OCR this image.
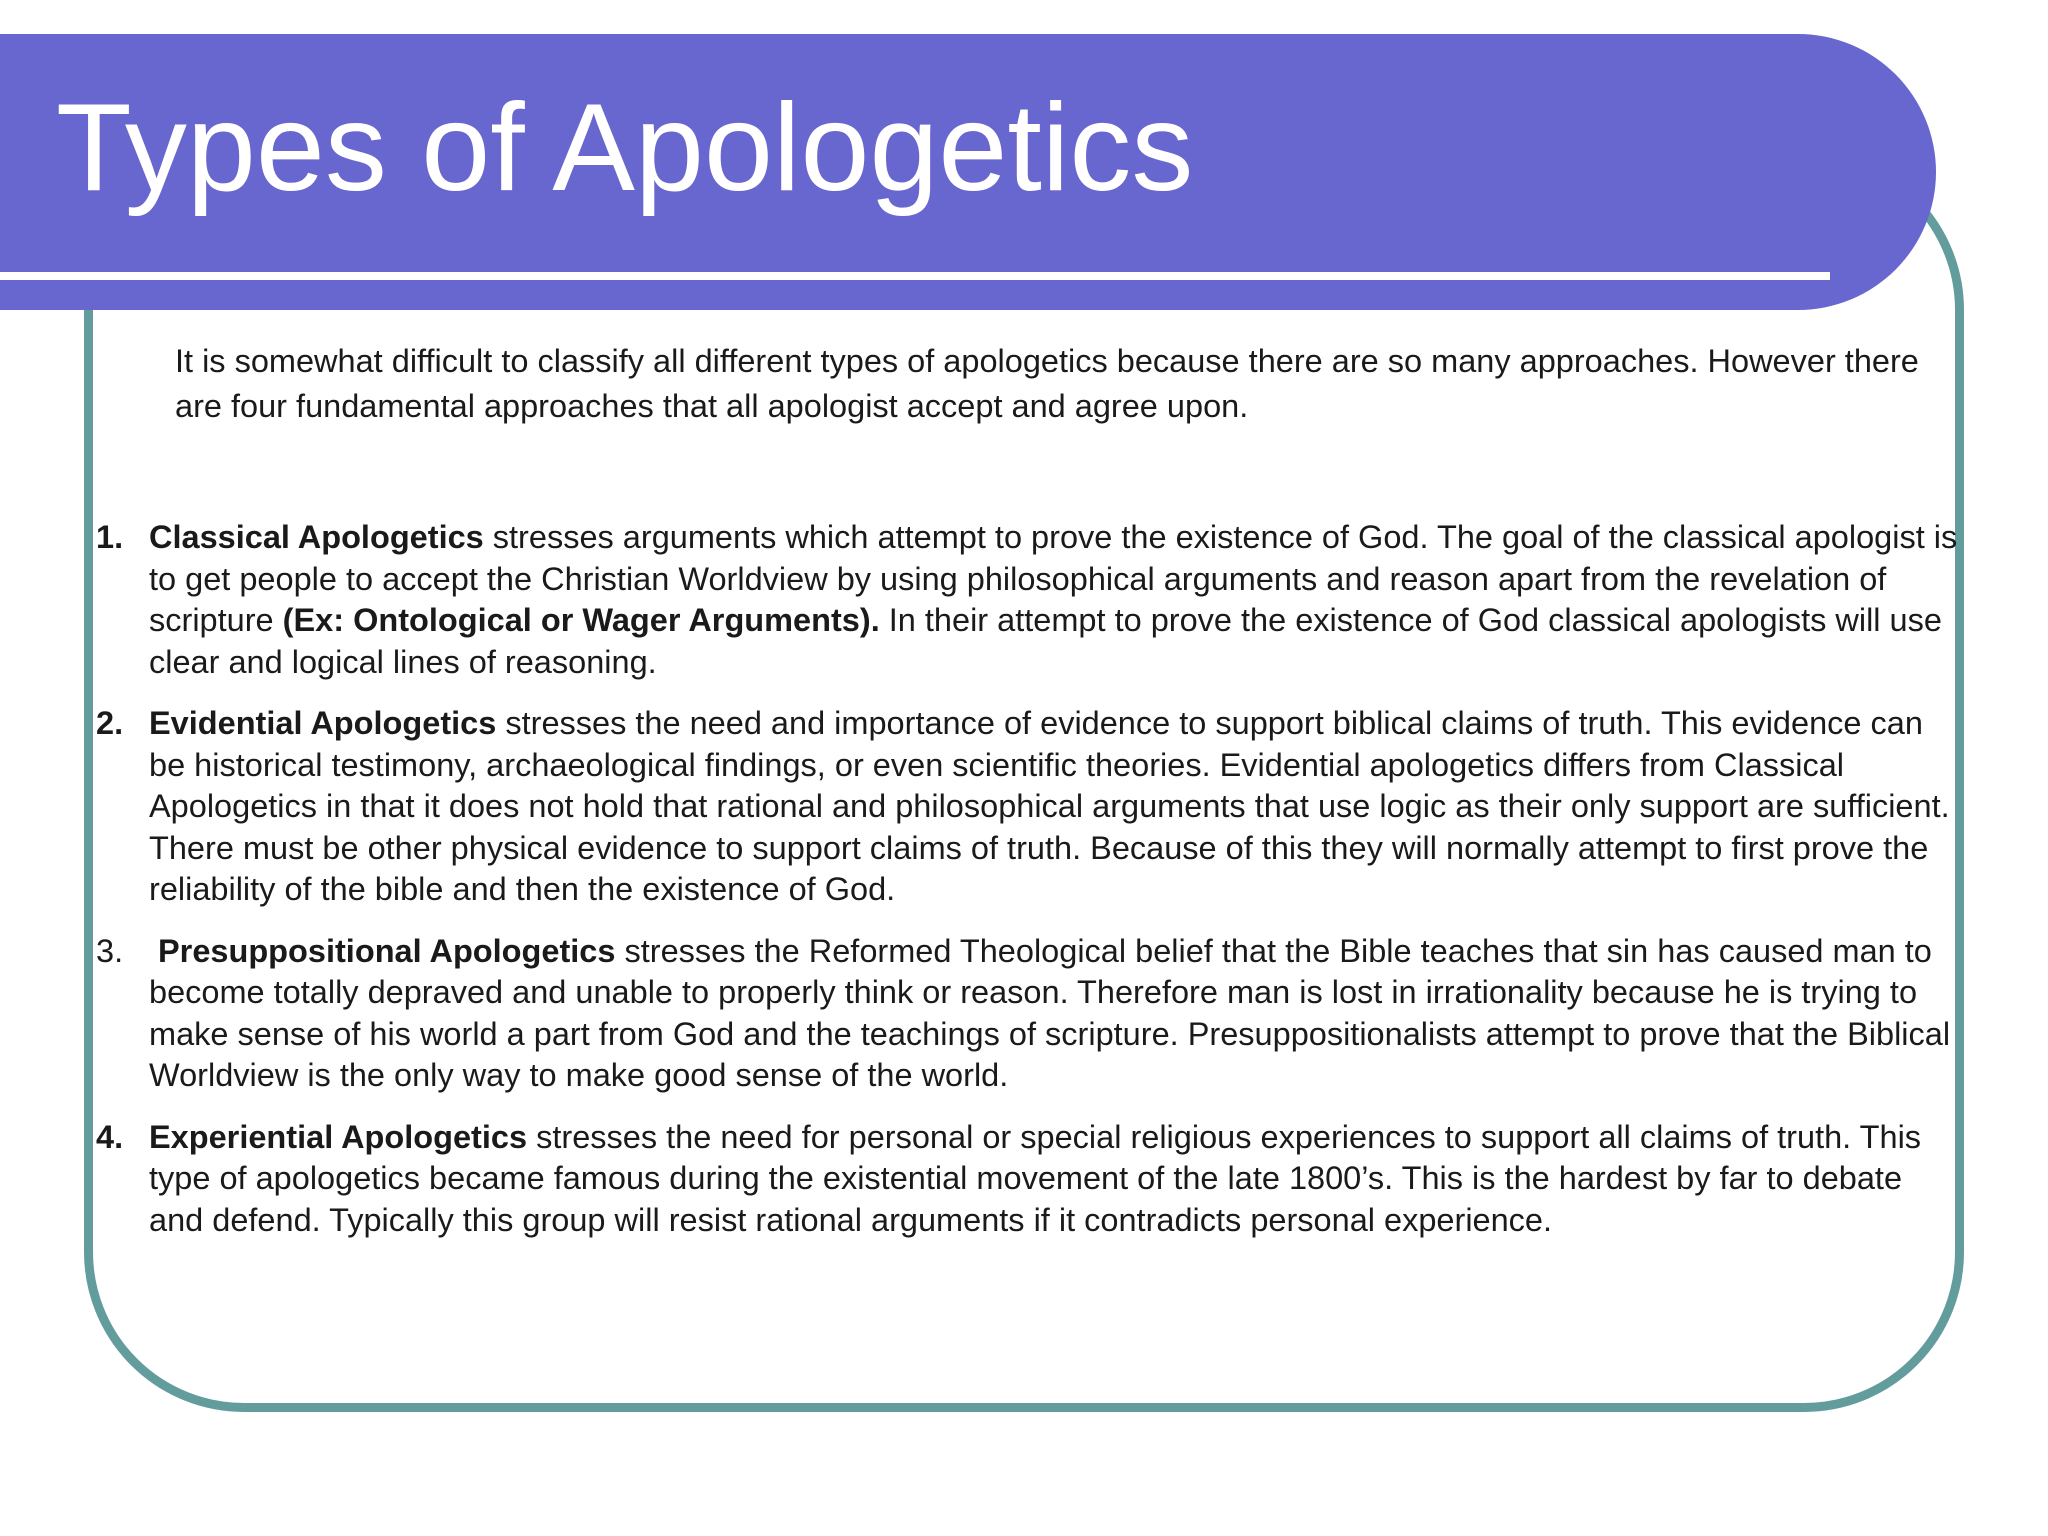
Types of Apologetics

It is somewhat difficult to classify all different types of apologetics because there are so many approaches. However there are four fundamental approaches that all apologist accept and agree upon.

1. Classical Apologetics stresses arguments which attempt to prove the existence of God. The goal of the classical apologist is to get people to accept the Christian Worldview by using philosophical arguments and reason apart from the revelation of scripture (Ex: Ontological or Wager Arguments). In their attempt to prove the existence of God classical apologists will use clear and logical lines of reasoning.
2. Evidential Apologetics stresses the need and importance of evidence to support biblical claims of truth. This evidence can be historical testimony, archaeological findings, or even scientific theories. Evidential apologetics differs from Classical Apologetics in that it does not hold that rational and philosophical arguments that use logic as their only support are sufficient. There must be other physical evidence to support claims of truth. Because of this they will normally attempt to first prove the reliability of the bible and then the existence of God.
3. Presuppositional Apologetics stresses the Reformed Theological belief that the Bible teaches that sin has caused man to become totally depraved and unable to properly think or reason. Therefore man is lost in irrationality because he is trying to make sense of his world a part from God and the teachings of scripture. Presuppositionalists attempt to prove that the Biblical Worldview is the only way to make good sense of the world.
4. Experiential Apologetics stresses the need for personal or special religious experiences to support all claims of truth. This type of apologetics became famous during the existential movement of the late 1800’s. This is the hardest by far to debate and defend. Typically this group will resist rational arguments if it contradicts personal experience.
